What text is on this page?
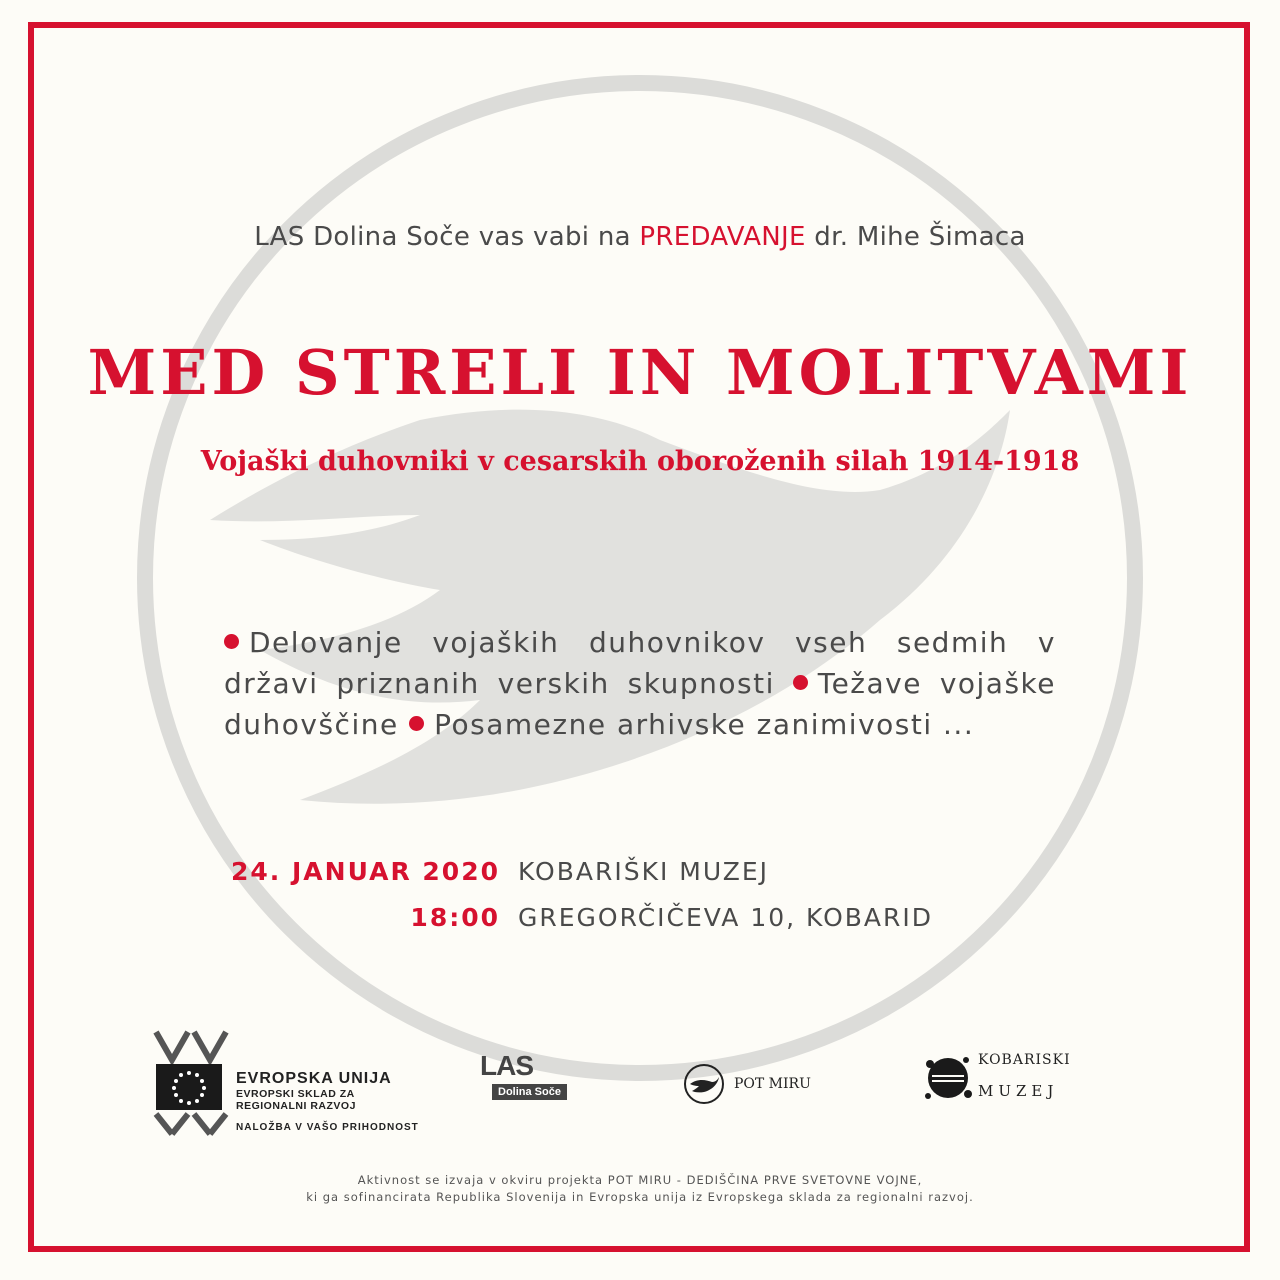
LAS Dolina Soče vas vabi na PREDAVANJE dr. Mihe Šimaca
MED STRELI IN MOLITVAMI
Vojaški duhovniki v cesarskih oboroženih silah 1914-1918
Delovanje vojaških duhovnikov vseh sedmih v državi priznanih verskih skupnosti Težave vojaške duhovščine Posamezne arhivske zanimivosti ...
24. JANUAR 2020 KOBARIŠKI MUZEJ
18:00 GREGORČIČEVA 10, KOBARID
EVROPSKA UNIJA
EVROPSKI SKLAD ZA
REGIONALNI RAZVOJ
NALOŽBA V VAŠO PRIHODNOST
LAS
Dolina Soče	POT MIRU
KOBARISKI
MUZEJ
Aktivnost se izvaja v okviru projekta POT MIRU - DEDIŠČINA PRVE SVETOVNE VOJNE,
ki ga sofinancirata Republika Slovenija in Evropska unija iz Evropskega sklada za regionalni razvoj.
